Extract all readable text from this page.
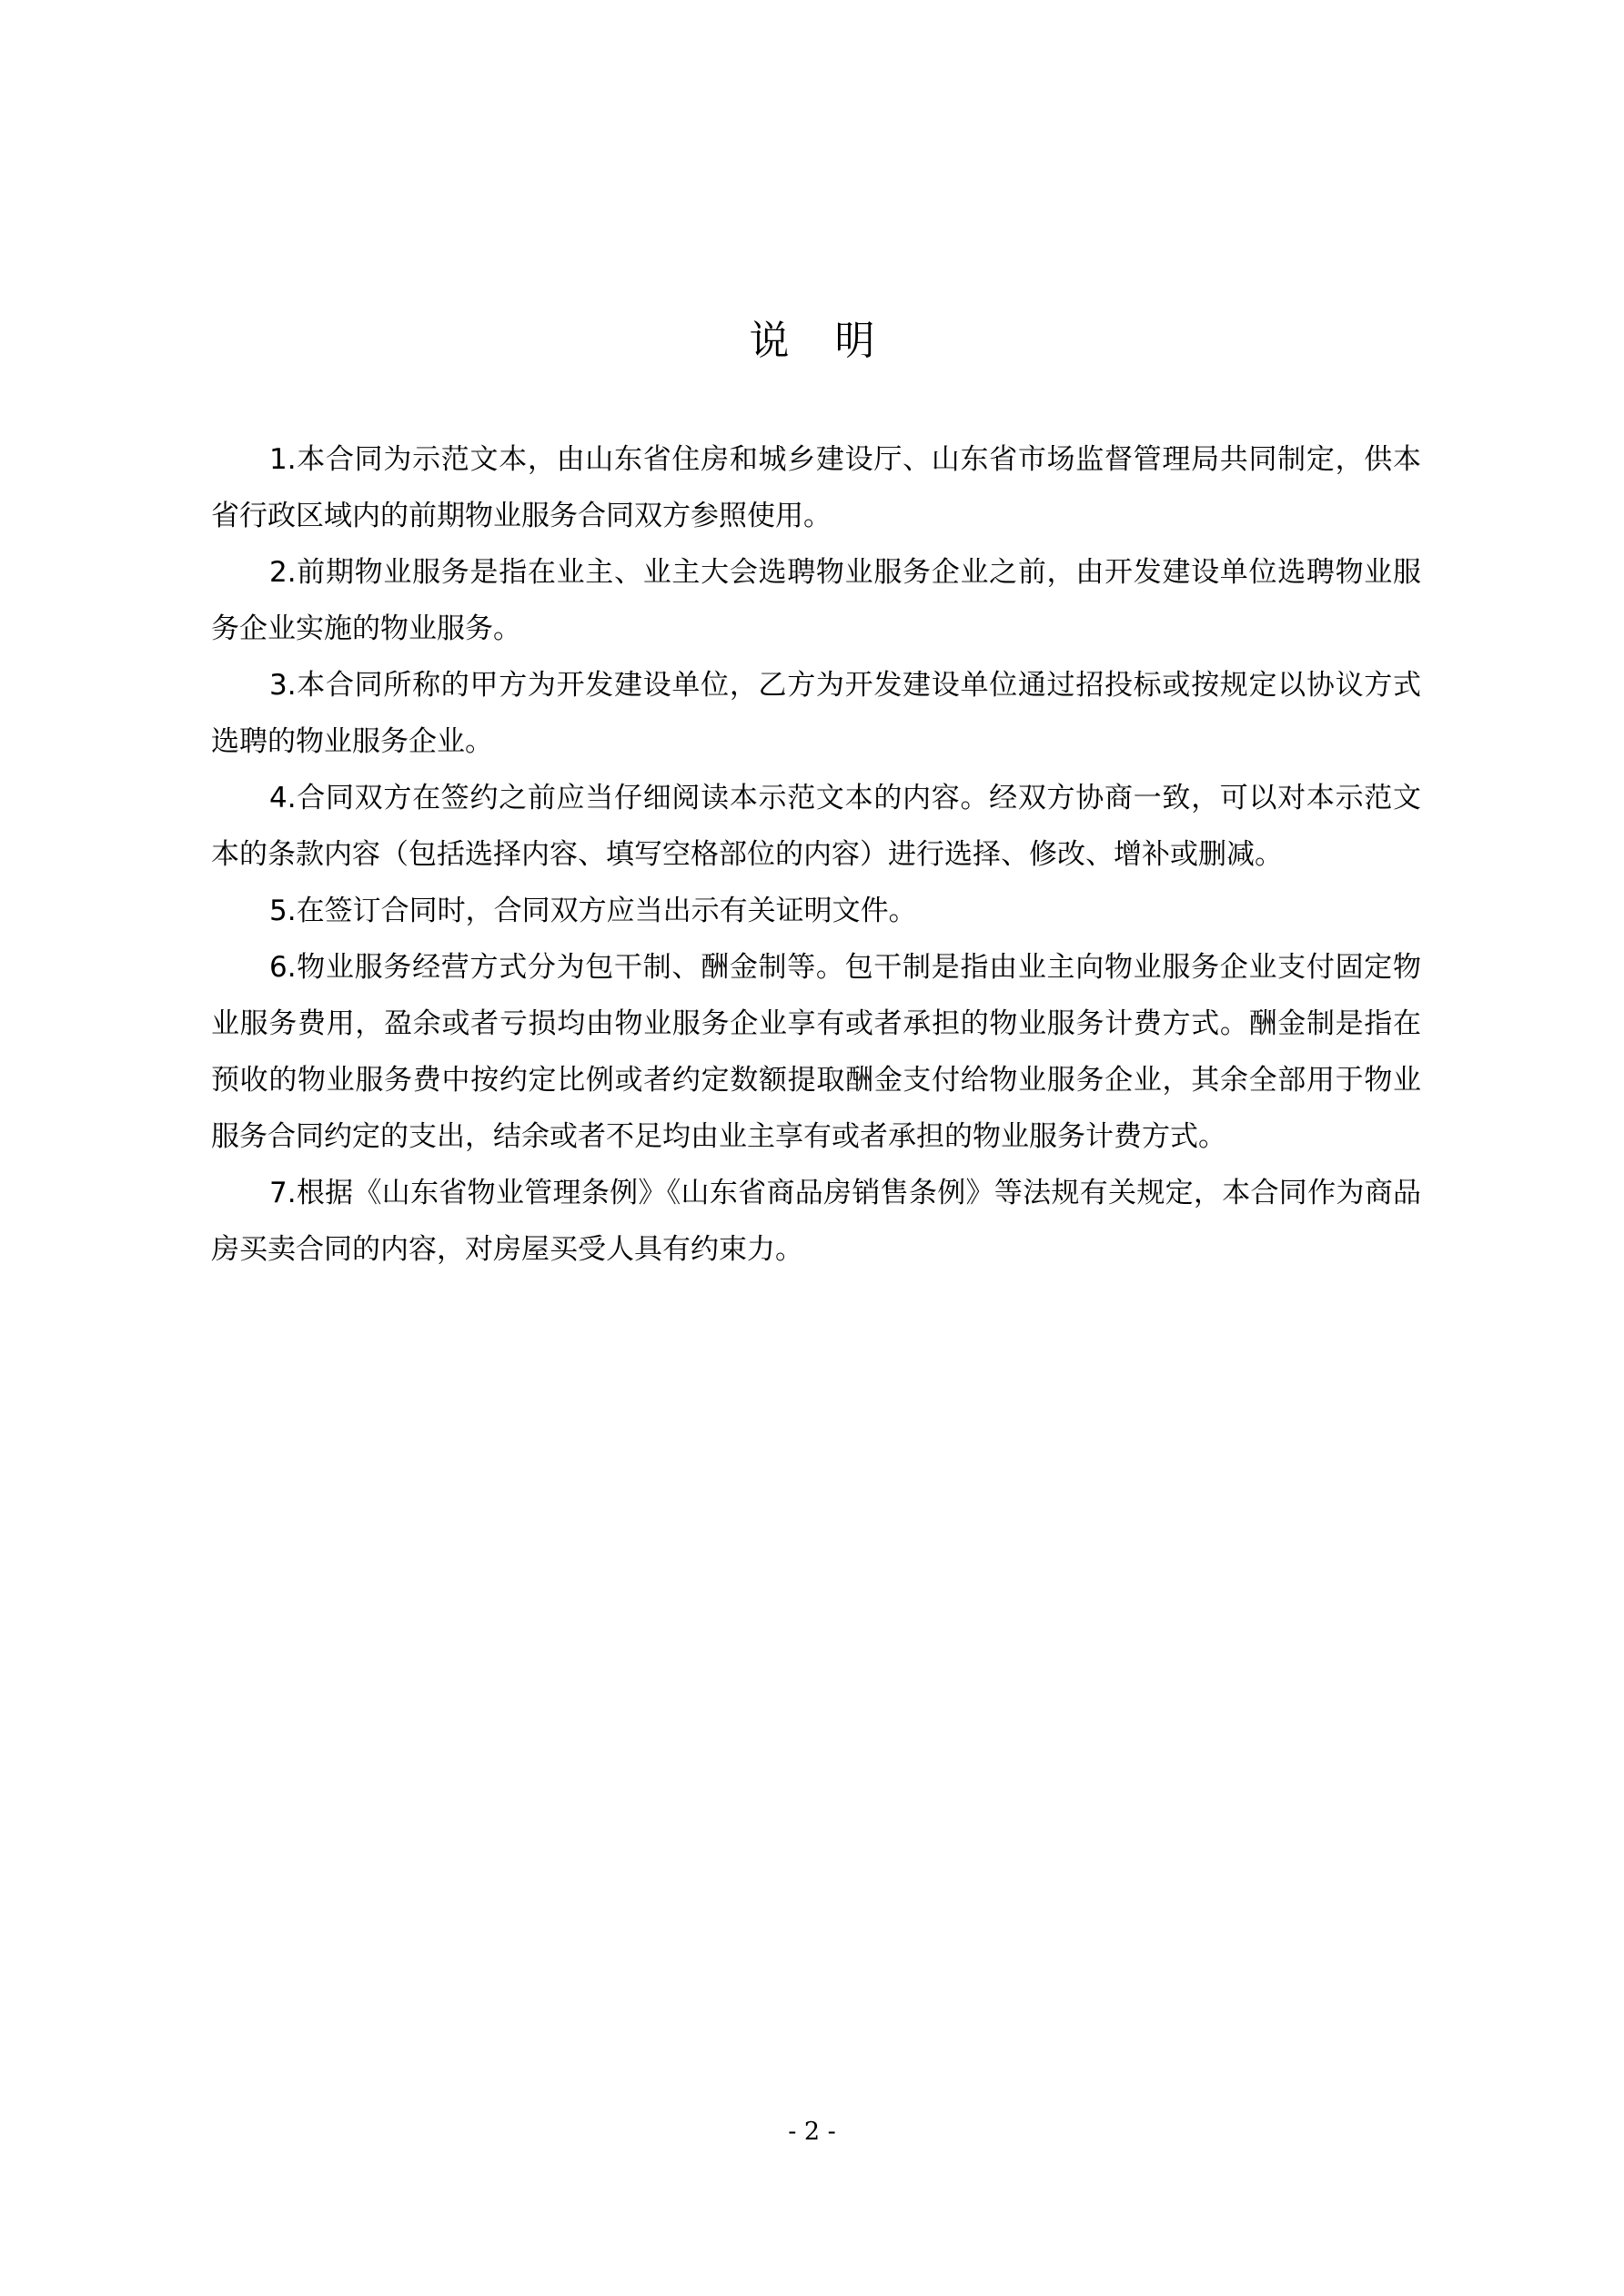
说明

1.本合同为示范文本，由山东省住房和城乡建设厅、山东省市场监督管理局共同制定，供本省行政区域内的前期物业服务合同双方参照使用。

2.前期物业服务是指在业主、业主大会选聘物业服务企业之前，由开发建设单位选聘物业服务企业实施的物业服务。

3.本合同所称的甲方为开发建设单位，乙方为开发建设单位通过招投标或按规定以协议方式选聘的物业服务企业。

4.合同双方在签约之前应当仔细阅读本示范文本的内容。经双方协商一致，可以对本示范文本的条款内容（包括选择内容、填写空格部位的内容）进行选择、修改、增补或删减。

5.在签订合同时，合同双方应当出示有关证明文件。

6.物业服务经营方式分为包干制、酬金制等。包干制是指由业主向物业服务企业支付固定物业服务费用，盈余或者亏损均由物业服务企业享有或者承担的物业服务计费方式。酬金制是指在预收的物业服务费中按约定比例或者约定数额提取酬金支付给物业服务企业，其余全部用于物业服务合同约定的支出，结余或者不足均由业主享有或者承担的物业服务计费方式。

7.根据《山东省物业管理条例》《山东省商品房销售条例》等法规有关规定，本合同作为商品房买卖合同的内容，对房屋买受人具有约束力。

- 2 -
